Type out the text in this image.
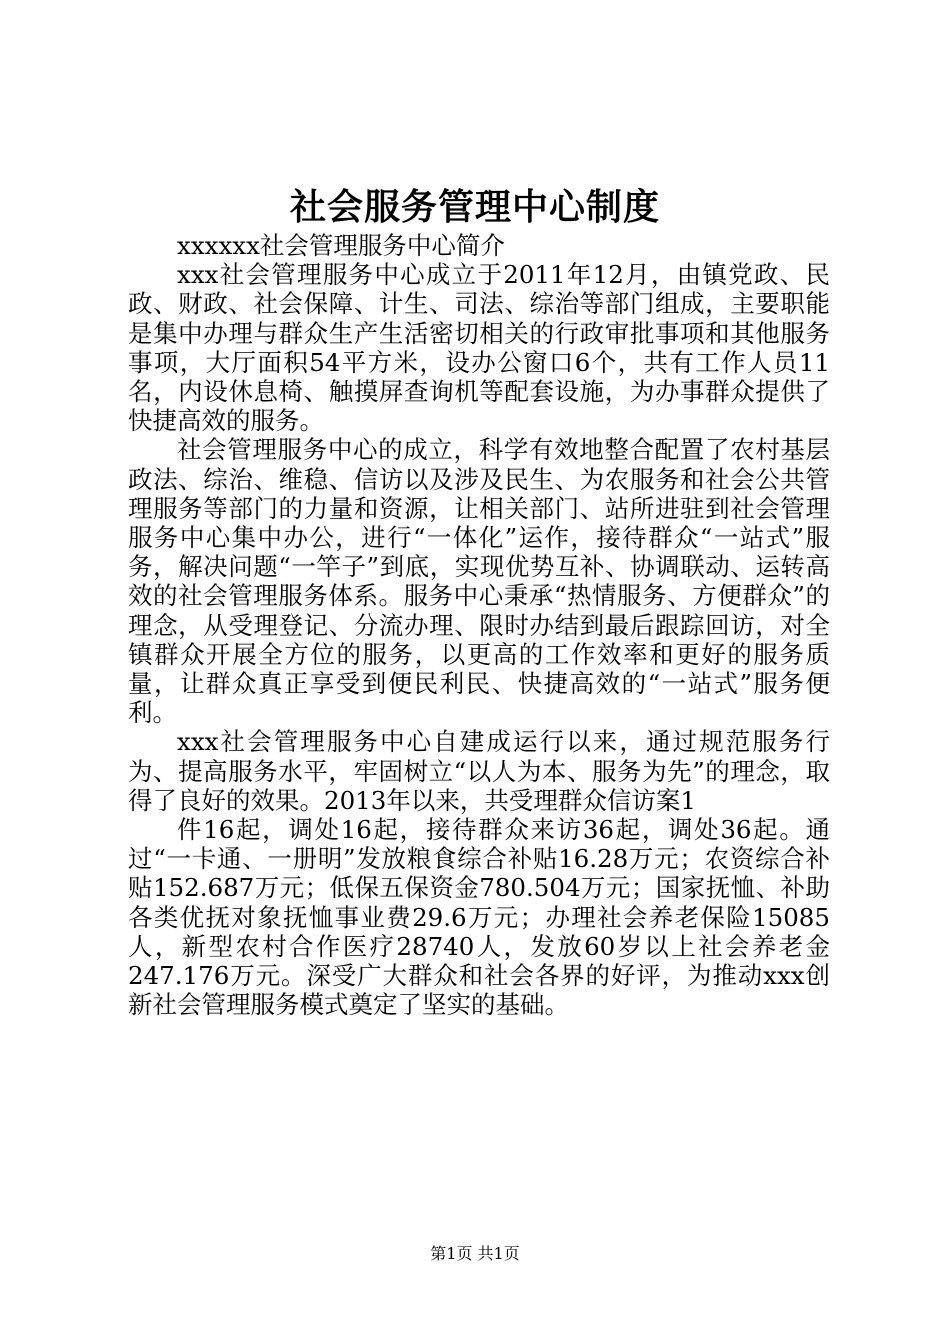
社会服务管理中心制度

xxxxxx社会管理服务中心简介

xxx社会管理服务中心成立于2011年12月，由镇党政、民政、财政、社会保障、计生、司法、综治等部门组成，主要职能是集中办理与群众生产生活密切相关的行政审批事项和其他服务事项，大厅面积54平方米，设办公窗口6个，共有工作人员11名，内设休息椅、触摸屏查询机等配套设施，为办事群众提供了快捷高效的服务。

社会管理服务中心的成立，科学有效地整合配置了农村基层政法、综治、维稳、信访以及涉及民生、为农服务和社会公共管理服务等部门的力量和资源，让相关部门、站所进驻到社会管理服务中心集中办公，进行“一体化”运作，接待群众“一站式”服务，解决问题“一竿子”到底，实现优势互补、协调联动、运转高效的社会管理服务体系。服务中心秉承“热情服务、方便群众”的理念，从受理登记、分流办理、限时办结到最后跟踪回访，对全镇群众开展全方位的服务，以更高的工作效率和更好的服务质量，让群众真正享受到便民利民、快捷高效的“一站式”服务便利。

xxx社会管理服务中心自建成运行以来，通过规范服务行为、提高服务水平，牢固树立“以人为本、服务为先”的理念，取得了良好的效果。2013年以来，共受理群众信访案1

件16起，调处16起，接待群众来访36起，调处36起。通过“一卡通、一册明”发放粮食综合补贴16.28万元；农资综合补贴152.687万元；低保五保资金780.504万元；国家抚恤、补助各类优抚对象抚恤事业费29.6万元；办理社会养老保险15085人，新型农村合作医疗28740人，发放60岁以上社会养老金247.176万元。深受广大群众和社会各界的好评，为推动xxx创新社会管理服务模式奠定了坚实的基础。

第1页 共1页
